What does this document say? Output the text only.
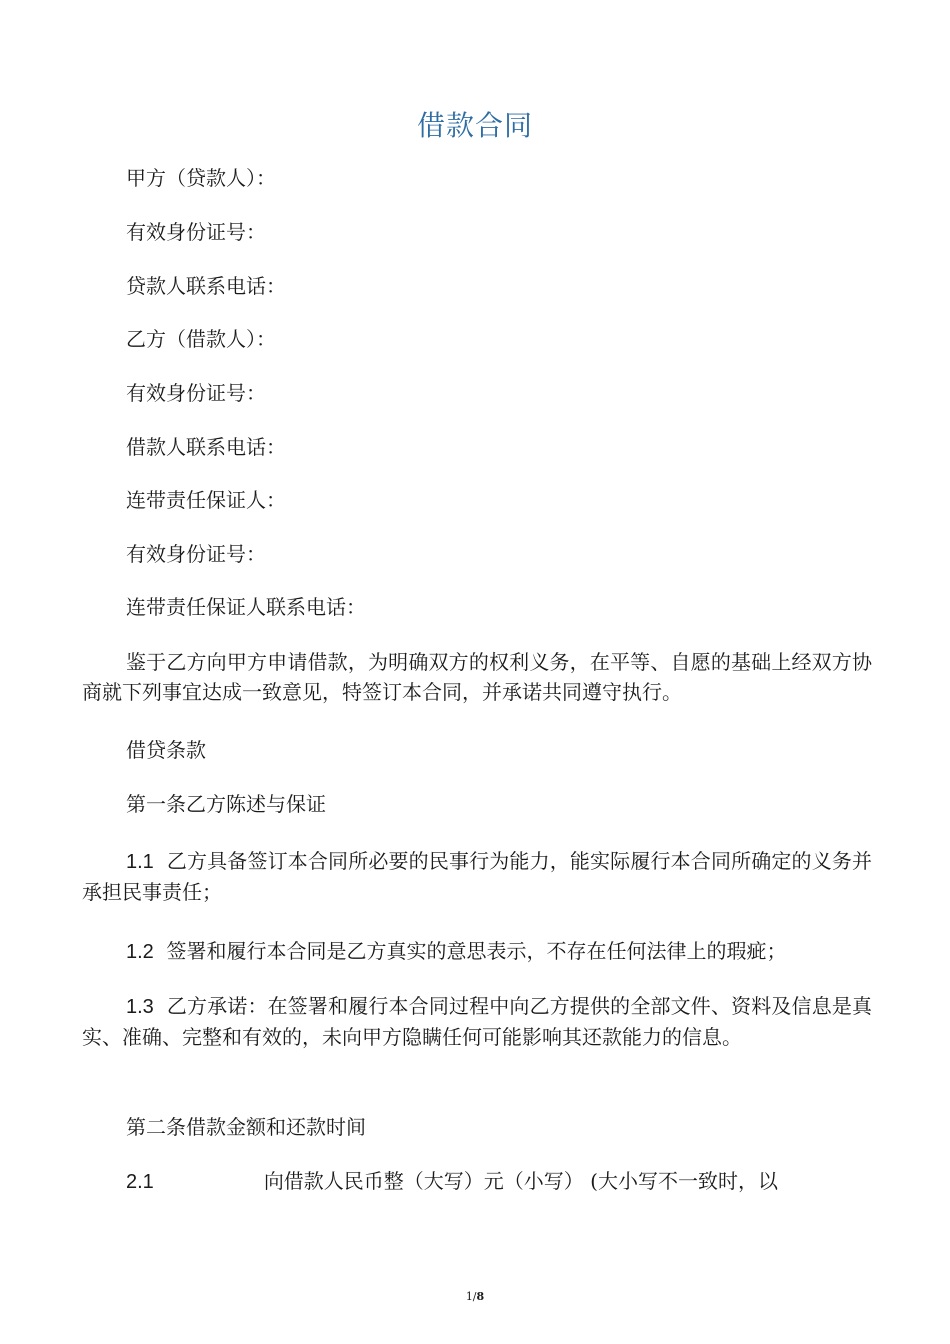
借款合同
甲方（贷款人）：
有效身份证号：
贷款人联系电话：
乙方（借款人）：
有效身份证号：
借款人联系电话：
连带责任保证人：
有效身份证号：
连带责任保证人联系电话：
鉴于乙方向甲方申请借款，为明确双方的权利义务，在平等、自愿的基础上经双方协商就下列事宜达成一致意见，特签订本合同，并承诺共同遵守执行。
借贷条款
第一条乙方陈述与保证
1.1 乙方具备签订本合同所必要的民事行为能力，能实际履行本合同所确定的义务并承担民事责任；
1.2 签署和履行本合同是乙方真实的意思表示，不存在任何法律上的瑕疵；
1.3 乙方承诺：在签署和履行本合同过程中向乙方提供的全部文件、资料及信息是真实、准确、完整和有效的，未向甲方隐瞒任何可能影响其还款能力的信息。
第二条借款金额和还款时间
2.1	向借款人民币整（大写）元（小写） (大小写不一致时，以
1/8
